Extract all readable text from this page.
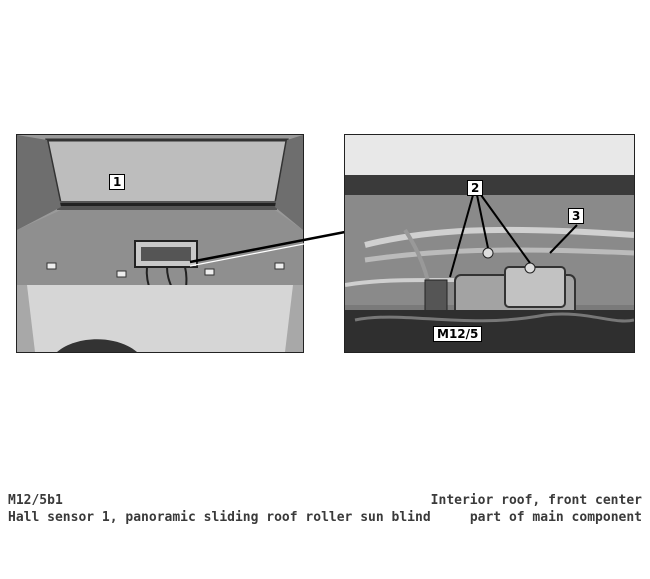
1	2
3
M12/5
M12/5b1
Hall sensor 1, panoramic sliding roof roller sun blind
Interior roof, front center
part of main component
